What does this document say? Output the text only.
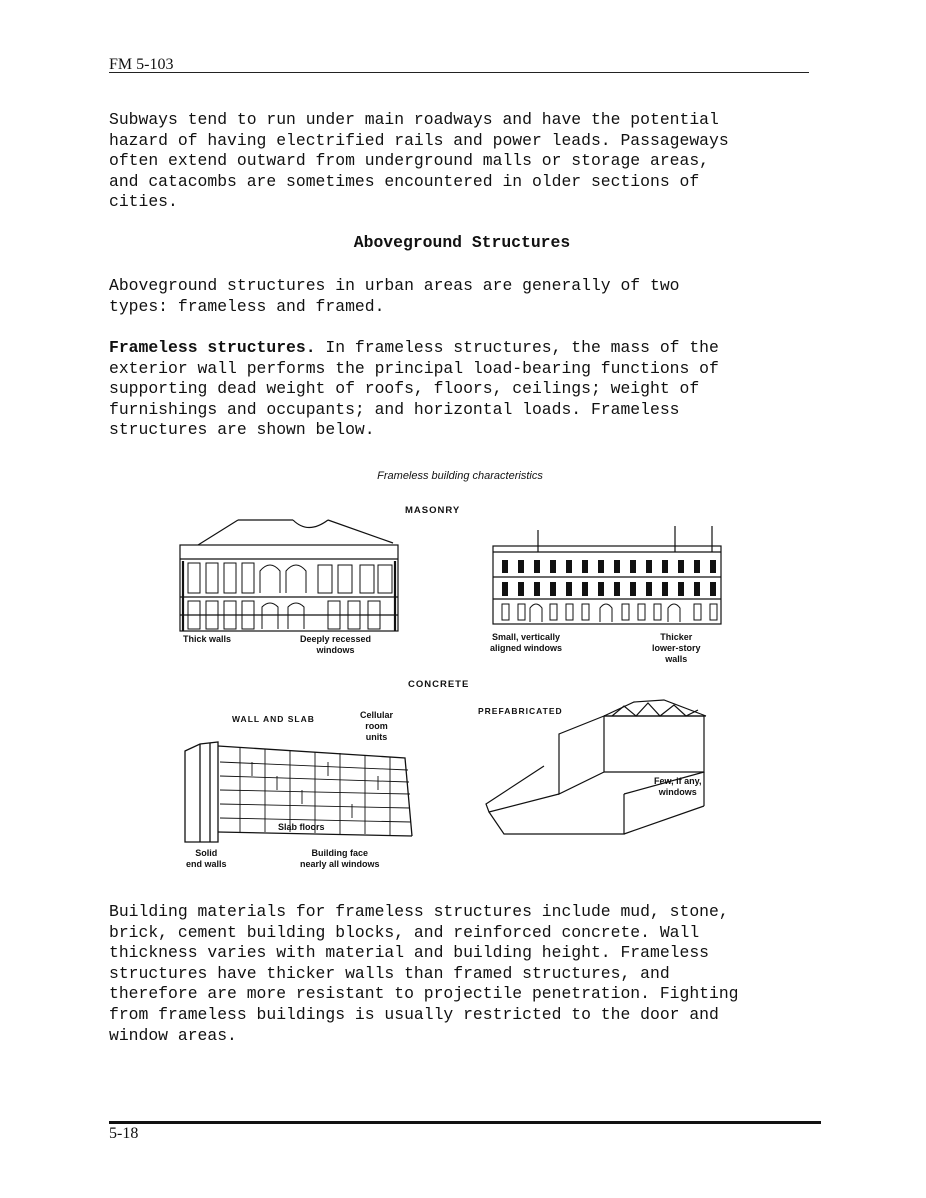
FM 5-103

Subways tend to run under main roadways and have the potential
hazard of having electrified rails and power leads. Passageways
often extend outward from underground malls or storage areas,
and catacombs are sometimes encountered in older sections of
cities.

Aboveground Structures

Aboveground structures in urban areas are generally of two
types: frameless and framed.

Frameless structures. In frameless structures, the mass of the
exterior wall performs the principal load-bearing functions of
supporting dead weight of roofs, floors, ceilings; weight of
furnishings and occupants; and horizontal loads. Frameless
structures are shown below.

Frameless building characteristics
MASONRY
Thick walls	Deeply recessed
windows
Small, vertically
aligned windows
Thicker
lower-story
walls
CONCRETE
WALL AND SLAB	Cellular
room
units
Slab floors
Solid
end walls
Building face
nearly all windows
PREFABRICATED
Few, if any,
windows

Building materials for frameless structures include mud, stone,
brick, cement building blocks, and reinforced concrete. Wall
thickness varies with material and building height. Frameless
structures have thicker walls than framed structures, and
therefore are more resistant to projectile penetration. Fighting
from frameless buildings is usually restricted to the door and
window areas.

5-18
